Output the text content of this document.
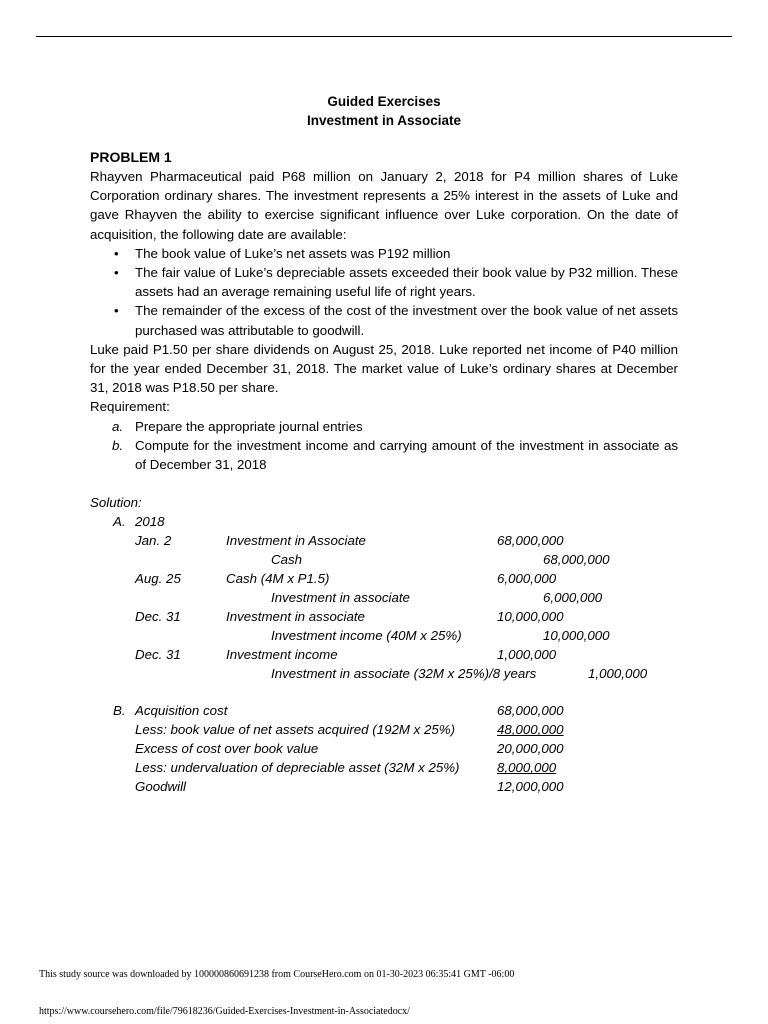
Guided Exercises
Investment in Associate
PROBLEM 1
Rhayven Pharmaceutical paid P68 million on January 2, 2018 for P4 million shares of Luke Corporation ordinary shares. The investment represents a 25% interest in the assets of Luke and gave Rhayven the ability to exercise significant influence over Luke corporation. On the date of acquisition, the following date are available:
• The book value of Luke’s net assets was P192 million
• The fair value of Luke’s depreciable assets exceeded their book value by P32 million. These assets had an average remaining useful life of right years.
• The remainder of the excess of the cost of the investment over the book value of net assets purchased was attributable to goodwill.
Luke paid P1.50 per share dividends on August 25, 2018. Luke reported net income of P40 million for the year ended December 31, 2018. The market value of Luke’s ordinary shares at December 31, 2018 was P18.50 per share.
Requirement:
a. Prepare the appropriate journal entries
b. Compute for the investment income and carrying amount of the investment in associate as of December 31, 2018
Solution:
A. 2018
Jan. 2	Investment in Associate	68,000,000
Cash	68,000,000
Aug. 25	Cash (4M x P1.5)	6,000,000
Investment in associate	6,000,000
Dec. 31	Investment in associate	10,000,000
Investment income (40M x 25%)	10,000,000
Dec. 31	Investment income	1,000,000
Investment in associate (32M x 25%)/8 years	1,000,000
B. Acquisition cost	68,000,000
Less: book value of net assets acquired (192M x 25%)	48,000,000
Excess of cost over book value	20,000,000
Less: undervaluation of depreciable asset (32M x 25%)	8,000,000
Goodwill	12,000,000
This study source was downloaded by 100000860691238 from CourseHero.com on 01-30-2023 06:35:41 GMT -06:00
https://www.coursehero.com/file/79618236/Guided-Exercises-Investment-in-Associatedocx/
